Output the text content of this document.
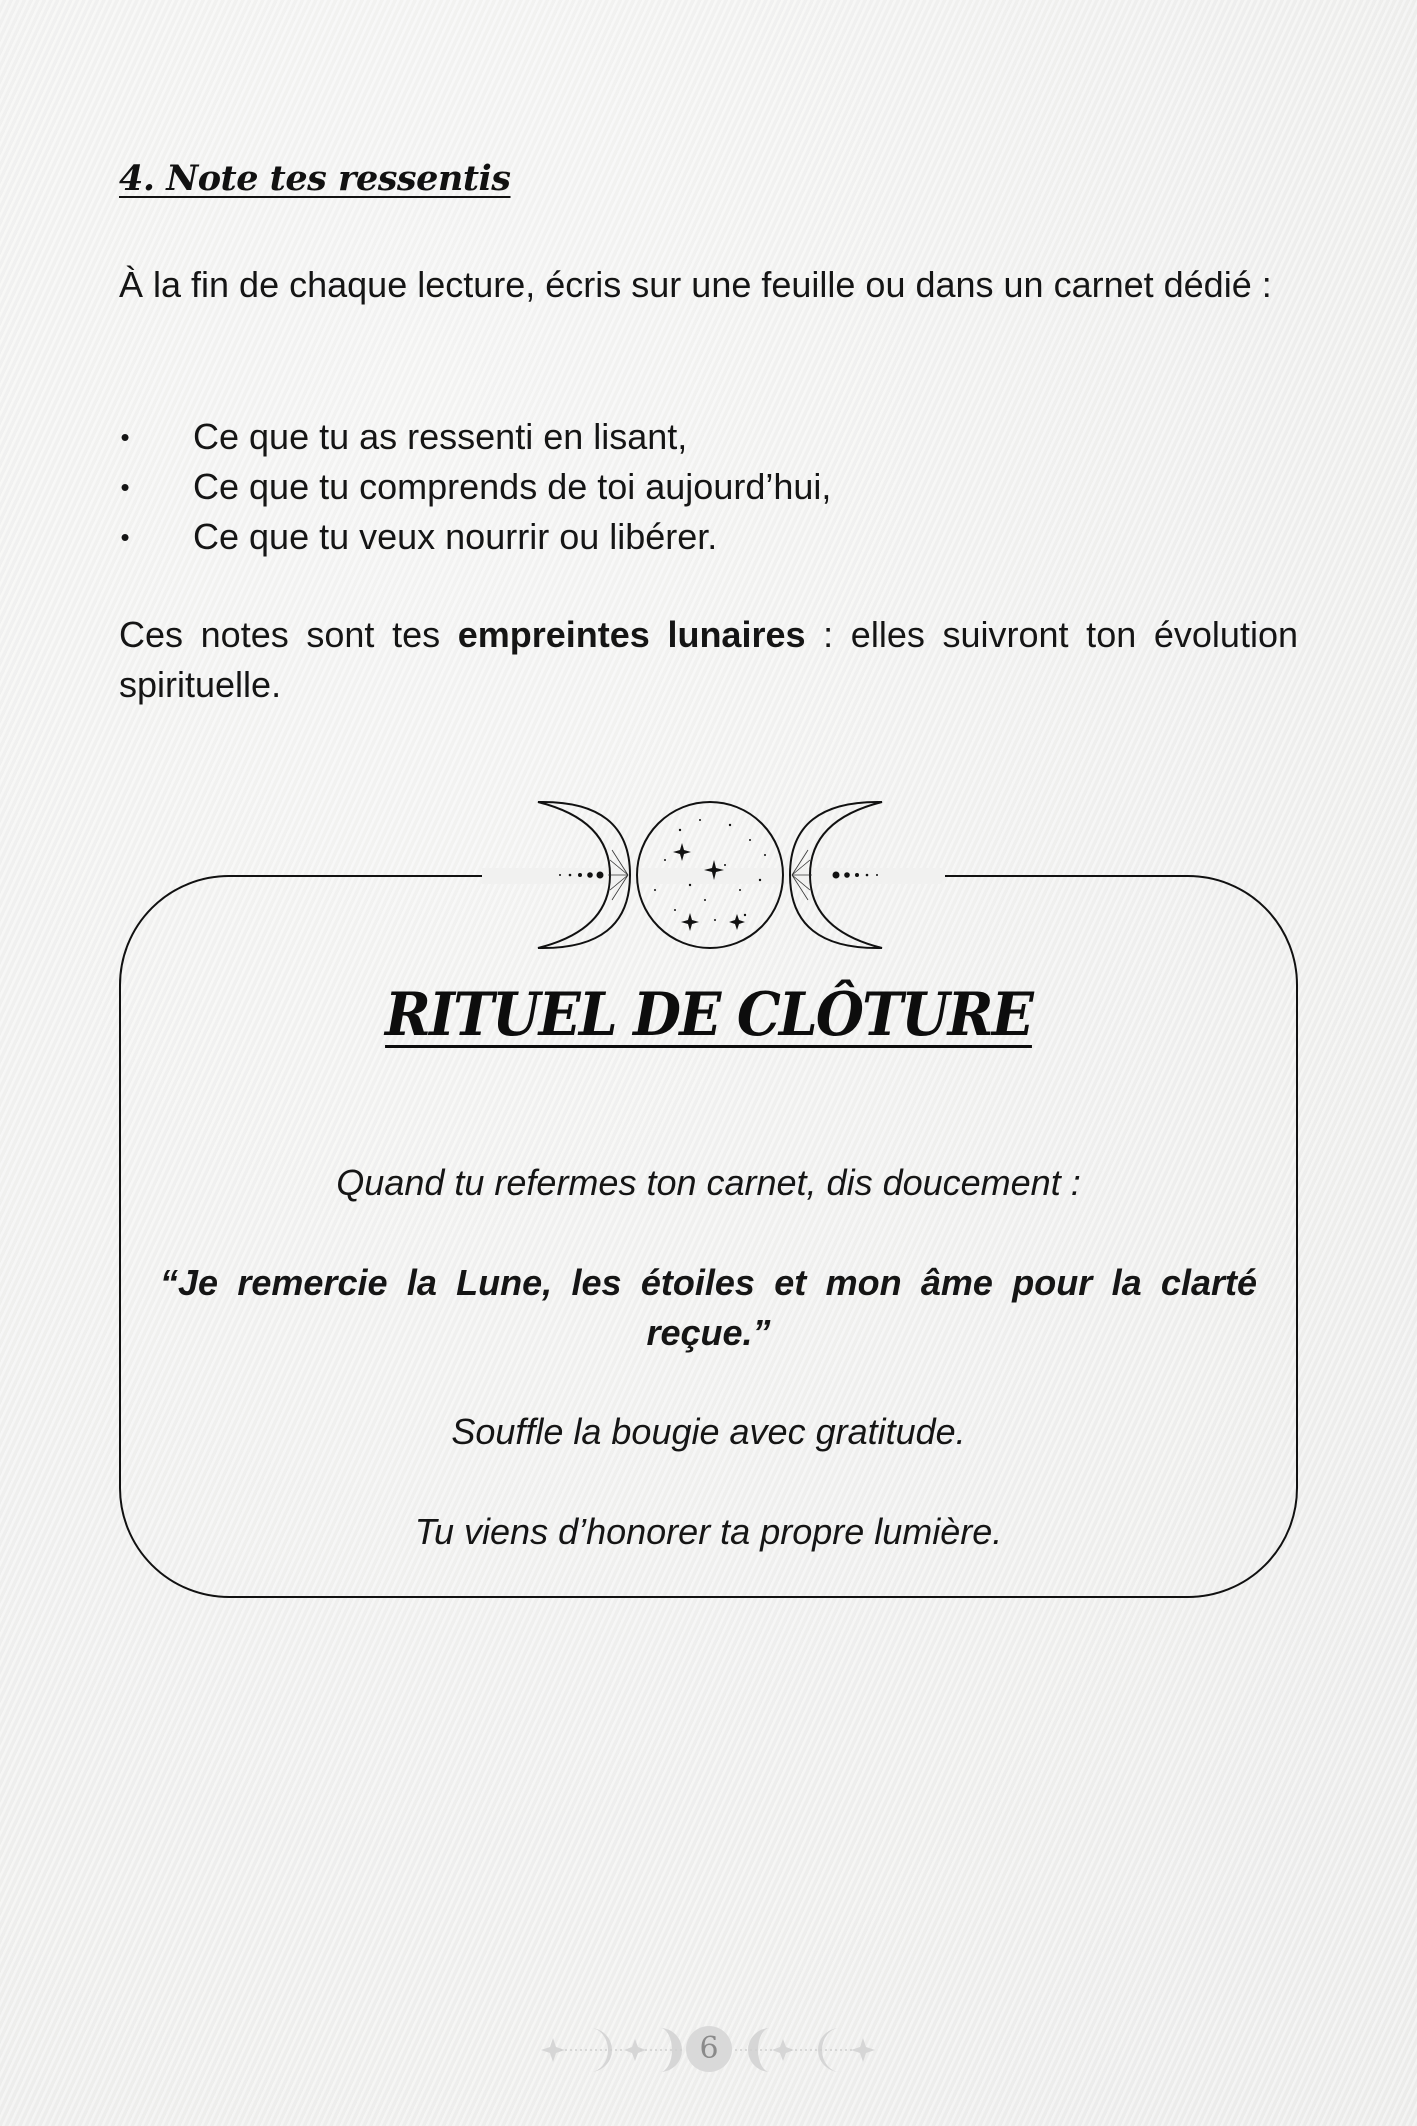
4. Note tes ressentis
À la fin de chaque lecture, écris sur une feuille ou dans un carnet dédié :
• Ce que tu as ressenti en lisant,
• Ce que tu comprends de toi aujourd’hui,
• Ce que tu veux nourrir ou libérer.
Ces notes sont tes empreintes lunaires : elles suivront ton évolution spirituelle.
RITUEL DE CLÔTURE
Quand tu refermes ton carnet, dis doucement :
“Je remercie la Lune, les étoiles et mon âme pour la clarté reçue.”
Souffle la bougie avec gratitude.
Tu viens d’honorer ta propre lumière.
6
